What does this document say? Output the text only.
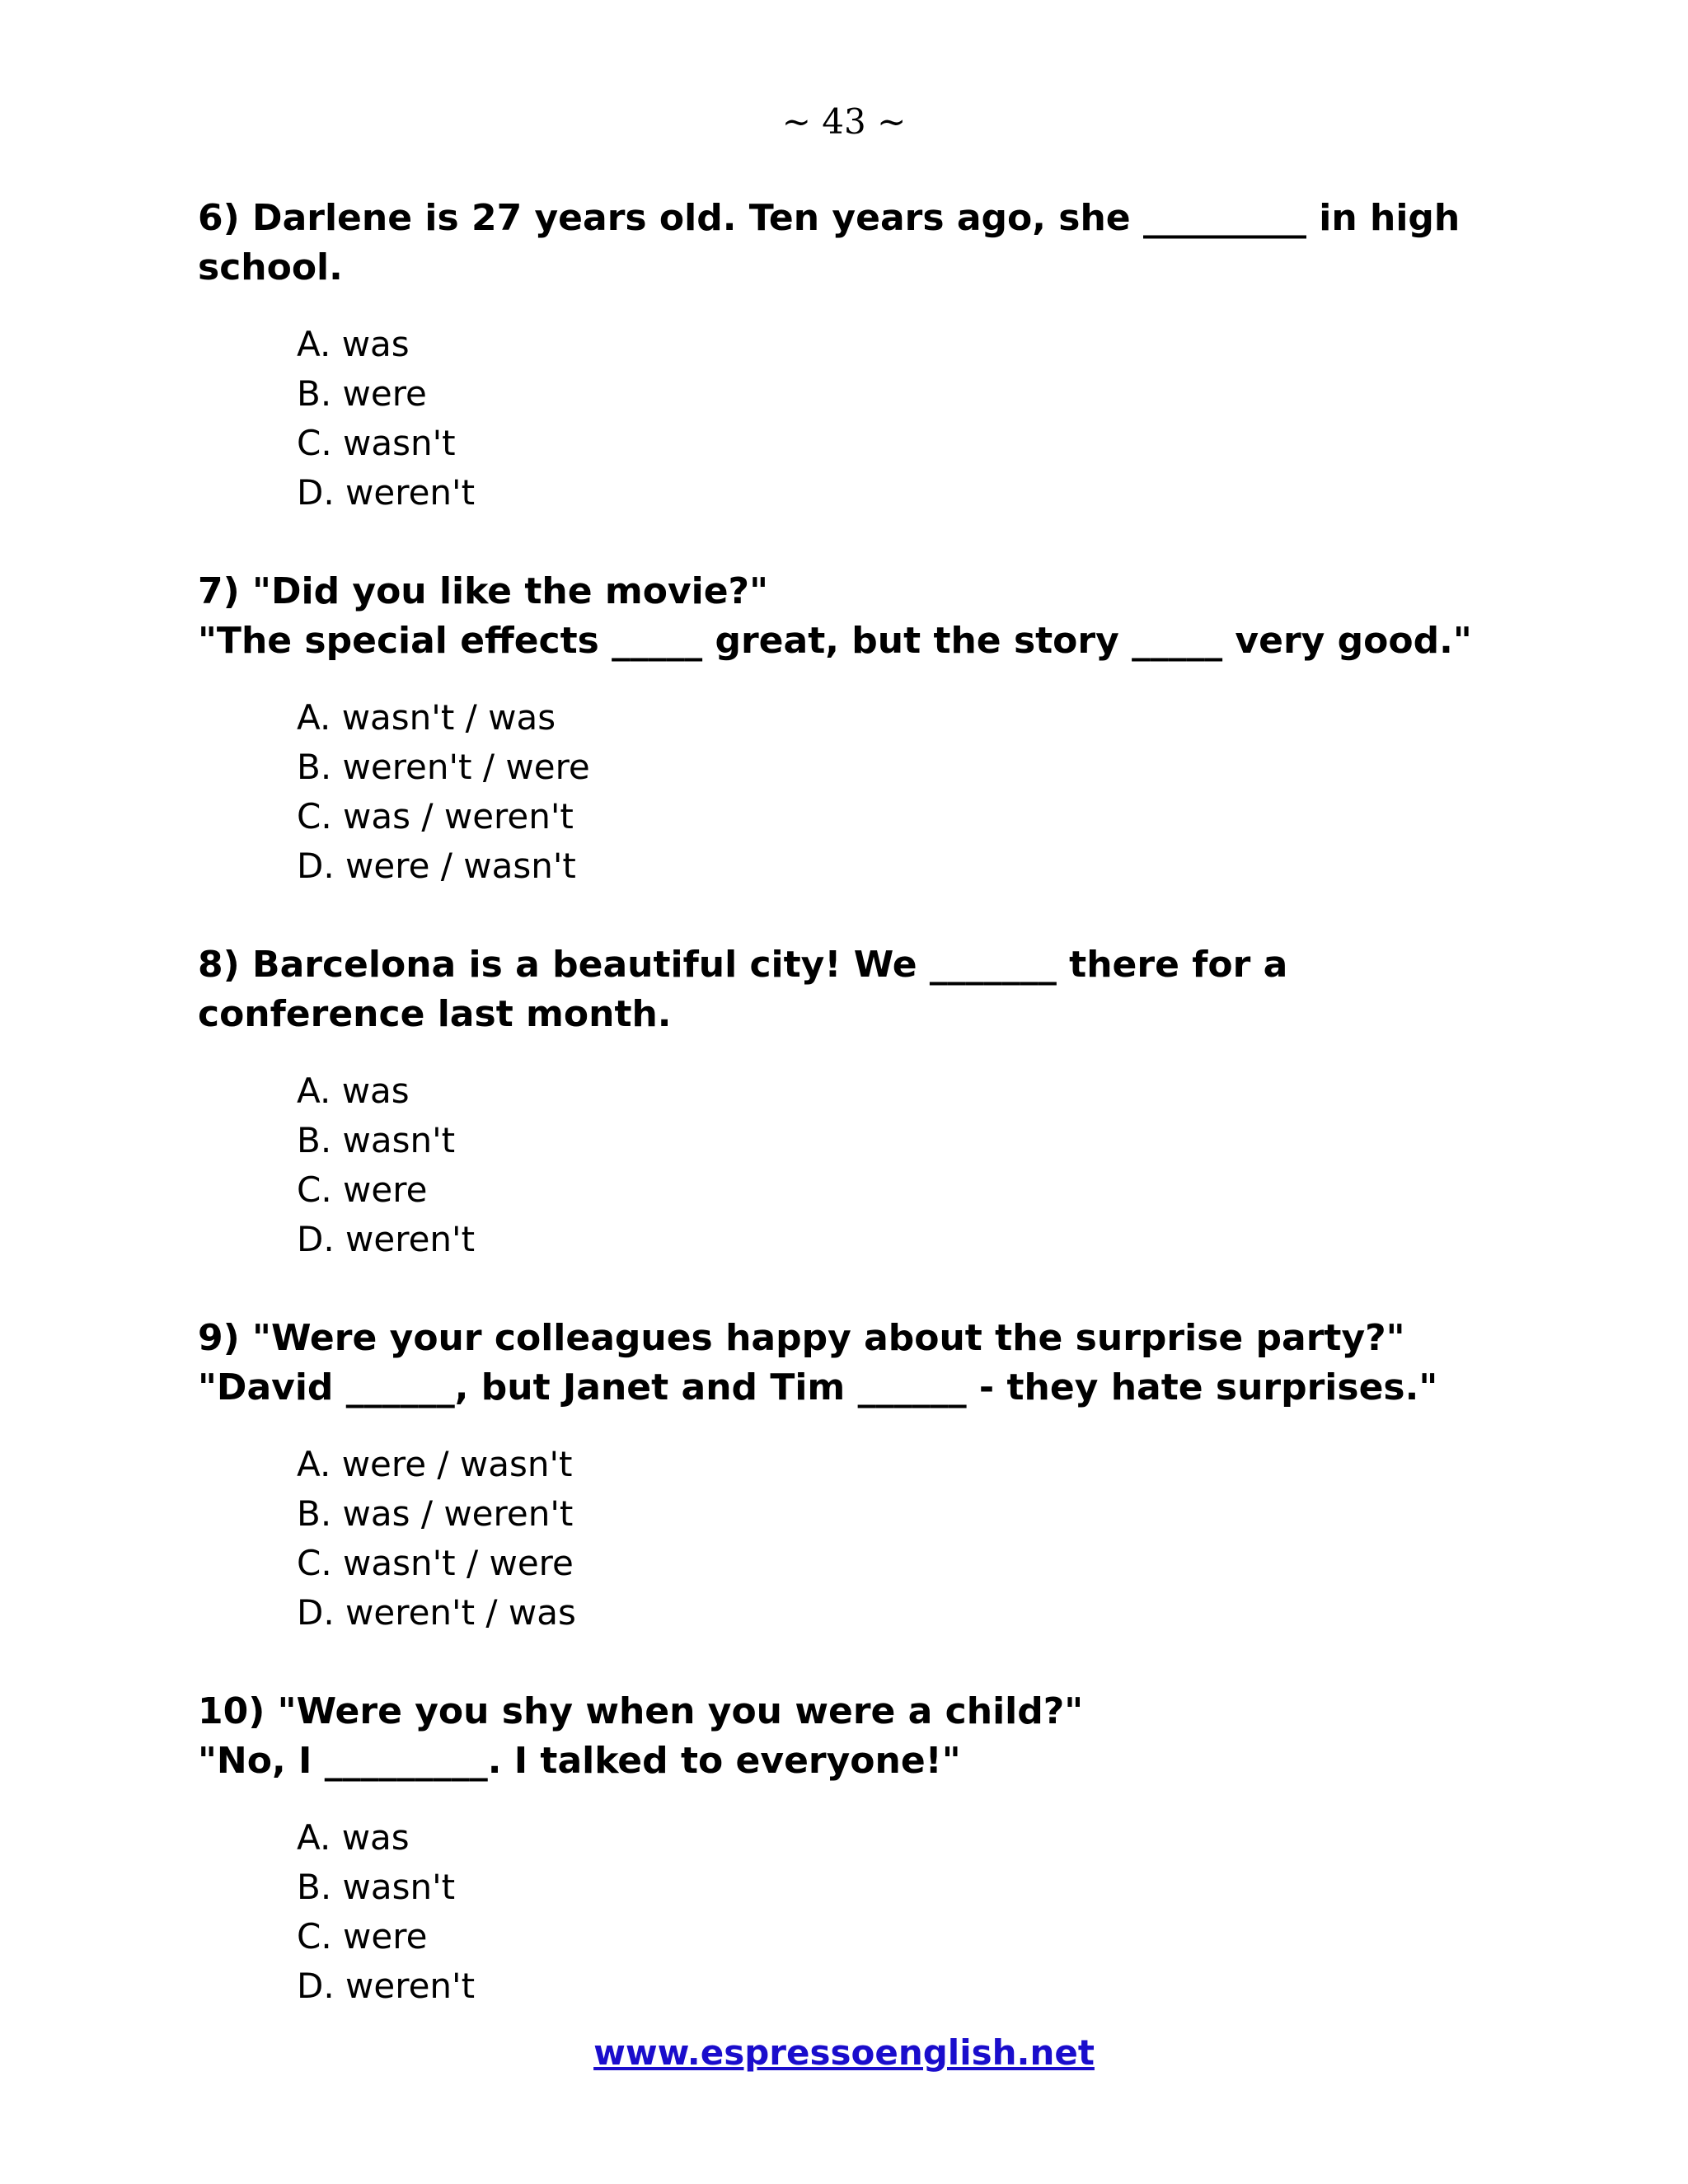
~ 43 ~

6) Darlene is 27 years old. Ten years ago, she _________ in high

school.

A. was
B. were
C. wasn't
D. weren't

7) "Did you like the movie?"

"The special effects _____ great, but the story _____ very good."

A. wasn't / was
B. weren't / were
C. was / weren't
D. were / wasn't

8) Barcelona is a beautiful city! We _______ there for a

conference last month.

A. was
B. wasn't
C. were
D. weren't

9) "Were your colleagues happy about the surprise party?"

"David ______, but Janet and Tim ______ - they hate surprises."

A. were / wasn't
B. was / weren't
C. wasn't / were
D. weren't / was

10) "Were you shy when you were a child?"

"No, I _________. I talked to everyone!"

A. was
B. wasn't
C. were
D. weren't
www.espressoenglish.net
